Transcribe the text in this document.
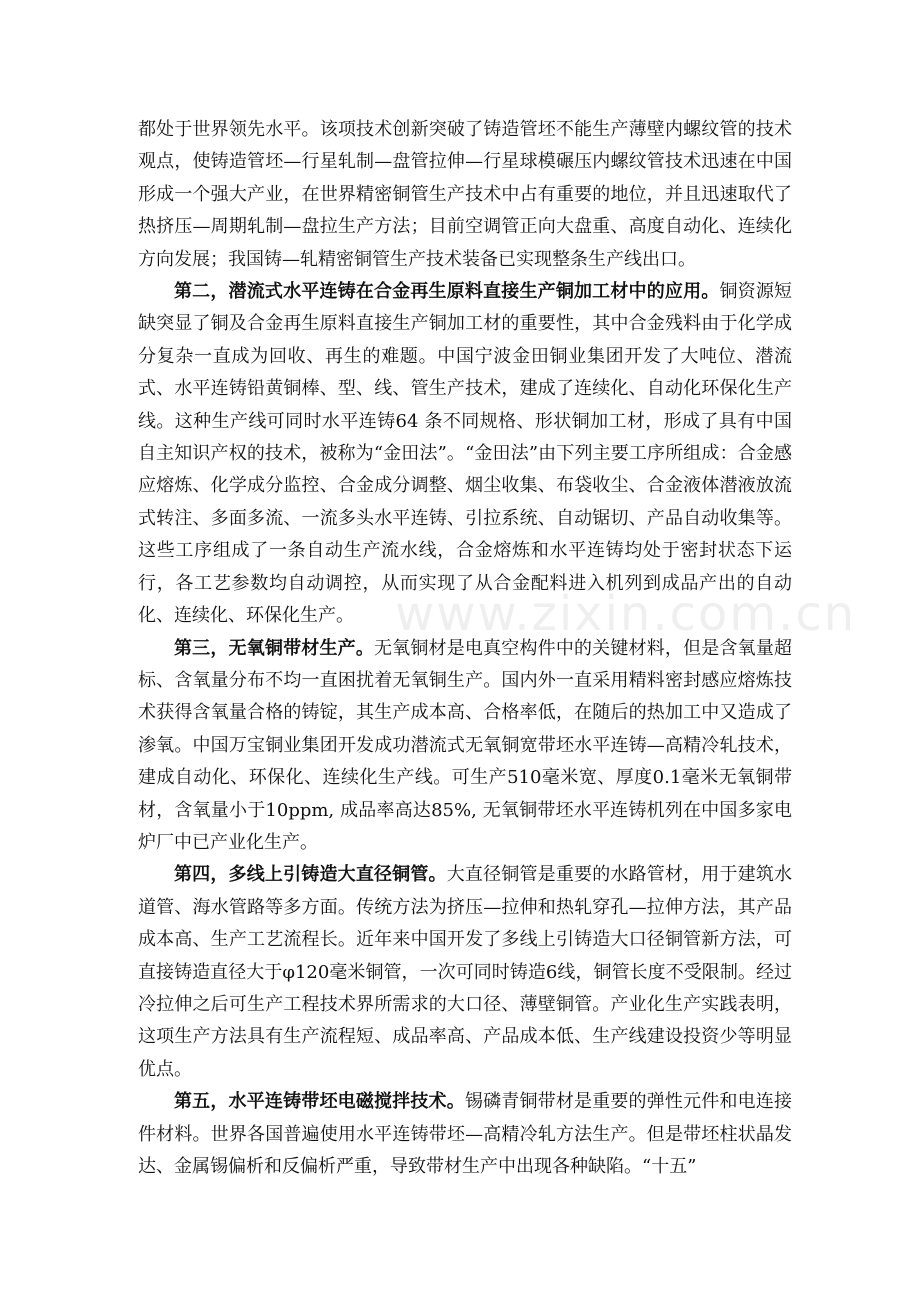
都处于世界领先水平。该项技术创新突破了铸造管坯不能生产薄壁内螺纹管的技术观点，使铸造管坯—行星轧制—盘管拉伸—行星球模碾压内螺纹管技术迅速在中国形成一个强大产业，在世界精密铜管生产技术中占有重要的地位，并且迅速取代了热挤压—周期轧制—盘拉生产方法；目前空调管正向大盘重、高度自动化、连续化方向发展；我国铸—轧精密铜管生产技术装备已实现整条生产线出口。

第二，潜流式水平连铸在合金再生原料直接生产铜加工材中的应用。铜资源短缺突显了铜及合金再生原料直接生产铜加工材的重要性，其中合金残料由于化学成分复杂一直成为回收、再生的难题。中国宁波金田铜业集团开发了大吨位、潜流式、水平连铸铅黄铜棒、型、线、管生产技术，建成了连续化、自动化环保化生产线。这种生产线可同时水平连铸64 条不同规格、形状铜加工材，形成了具有中国自主知识产权的技术，被称为“金田法”。“金田法”由下列主要工序所组成：合金感应熔炼、化学成分监控、合金成分调整、烟尘收集、布袋收尘、合金液体潜液放流式转注、多面多流、一流多头水平连铸、引拉系统、自动锯切、产品自动收集等。这些工序组成了一条自动生产流水线，合金熔炼和水平连铸均处于密封状态下运行，各工艺参数均自动调控，从而实现了从合金配料进入机列到成品产出的自动化、连续化、环保化生产。

第三，无氧铜带材生产。无氧铜材是电真空构件中的关键材料，但是含氧量超标、含氧量分布不均一直困扰着无氧铜生产。国内外一直采用精料密封感应熔炼技术获得含氧量合格的铸锭，其生产成本高、合格率低，在随后的热加工中又造成了渗氧。中国万宝铜业集团开发成功潜流式无氧铜宽带坯水平连铸—高精冷轧技术，建成自动化、环保化、连续化生产线。可生产510毫米宽、厚度0.1毫米无氧铜带材，含氧量小于10ppm, 成品率高达85%, 无氧铜带坯水平连铸机列在中国多家电炉厂中已产业化生产。

第四，多线上引铸造大直径铜管。大直径铜管是重要的水路管材，用于建筑水道管、海水管路等多方面。传统方法为挤压—拉伸和热轧穿孔—拉伸方法，其产品成本高、生产工艺流程长。近年来中国开发了多线上引铸造大口径铜管新方法，可直接铸造直径大于φ120毫米铜管，一次可同时铸造6线，铜管长度不受限制。经过冷拉伸之后可生产工程技术界所需求的大口径、薄壁铜管。产业化生产实践表明，这项生产方法具有生产流程短、成品率高、产品成本低、生产线建设投资少等明显优点。

第五，水平连铸带坯电磁搅拌技术。锡磷青铜带材是重要的弹性元件和电连接件材料。世界各国普遍使用水平连铸带坯—高精冷轧方法生产。但是带坯柱状晶发达、金属锡偏析和反偏析严重，导致带材生产中出现各种缺陷。“十五”

www.zixin.com.cn
